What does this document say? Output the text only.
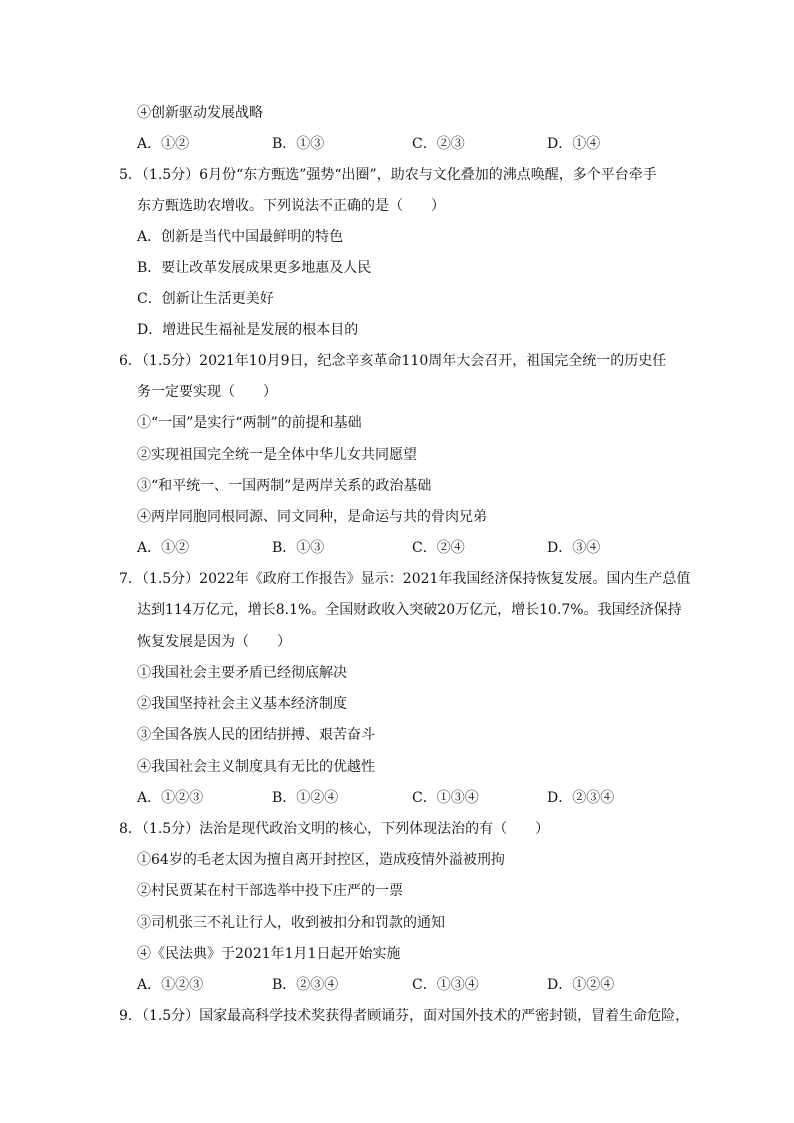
④创新驱动发展战略
A．①②	B．①③	C．②③	D．①④
5．（1.5分）6月份“东方甄选”强势“出圈”，助农与文化叠加的沸点唤醒，多个平台牵手
东方甄选助农增收。下列说法不正确的是（　　）
A．创新是当代中国最鲜明的特色
B．要让改革发展成果更多地惠及人民
C．创新让生活更美好
D．增进民生福祉是发展的根本目的
6．（1.5分）2021年10月9日，纪念辛亥革命110周年大会召开，祖国完全统一的历史任
务一定要实现（　　）
①“一国”是实行“两制”的前提和基础
②实现祖国完全统一是全体中华儿女共同愿望
③“和平统一、一国两制”是两岸关系的政治基础
④两岸同胞同根同源、同文同种，是命运与共的骨肉兄弟
A．①②	B．①③	C．②④	D．③④
7．（1.5分）2022年《政府工作报告》显示：2021年我国经济保持恢复发展。国内生产总值
达到114万亿元，增长8.1%。全国财政收入突破20万亿元，增长10.7%。我国经济保持
恢复发展是因为（　　）
①我国社会主要矛盾已经彻底解决
②我国坚持社会主义基本经济制度
③全国各族人民的团结拼搏、艰苦奋斗
④我国社会主义制度具有无比的优越性
A．①②③	B．①②④	C．①③④	D．②③④
8．（1.5分）法治是现代政治文明的核心，下列体现法治的有（　　）
①64岁的毛老太因为擅自离开封控区，造成疫情外溢被刑拘
②村民贾某在村干部选举中投下庄严的一票
③司机张三不礼让行人，收到被扣分和罚款的通知
④《民法典》于2021年1月1日起开始实施
A．①②③	B．②③④	C．①③④	D．①②④
9．（1.5分）国家最高科学技术奖获得者顾诵芬，面对国外技术的严密封锁，冒着生命危险，
